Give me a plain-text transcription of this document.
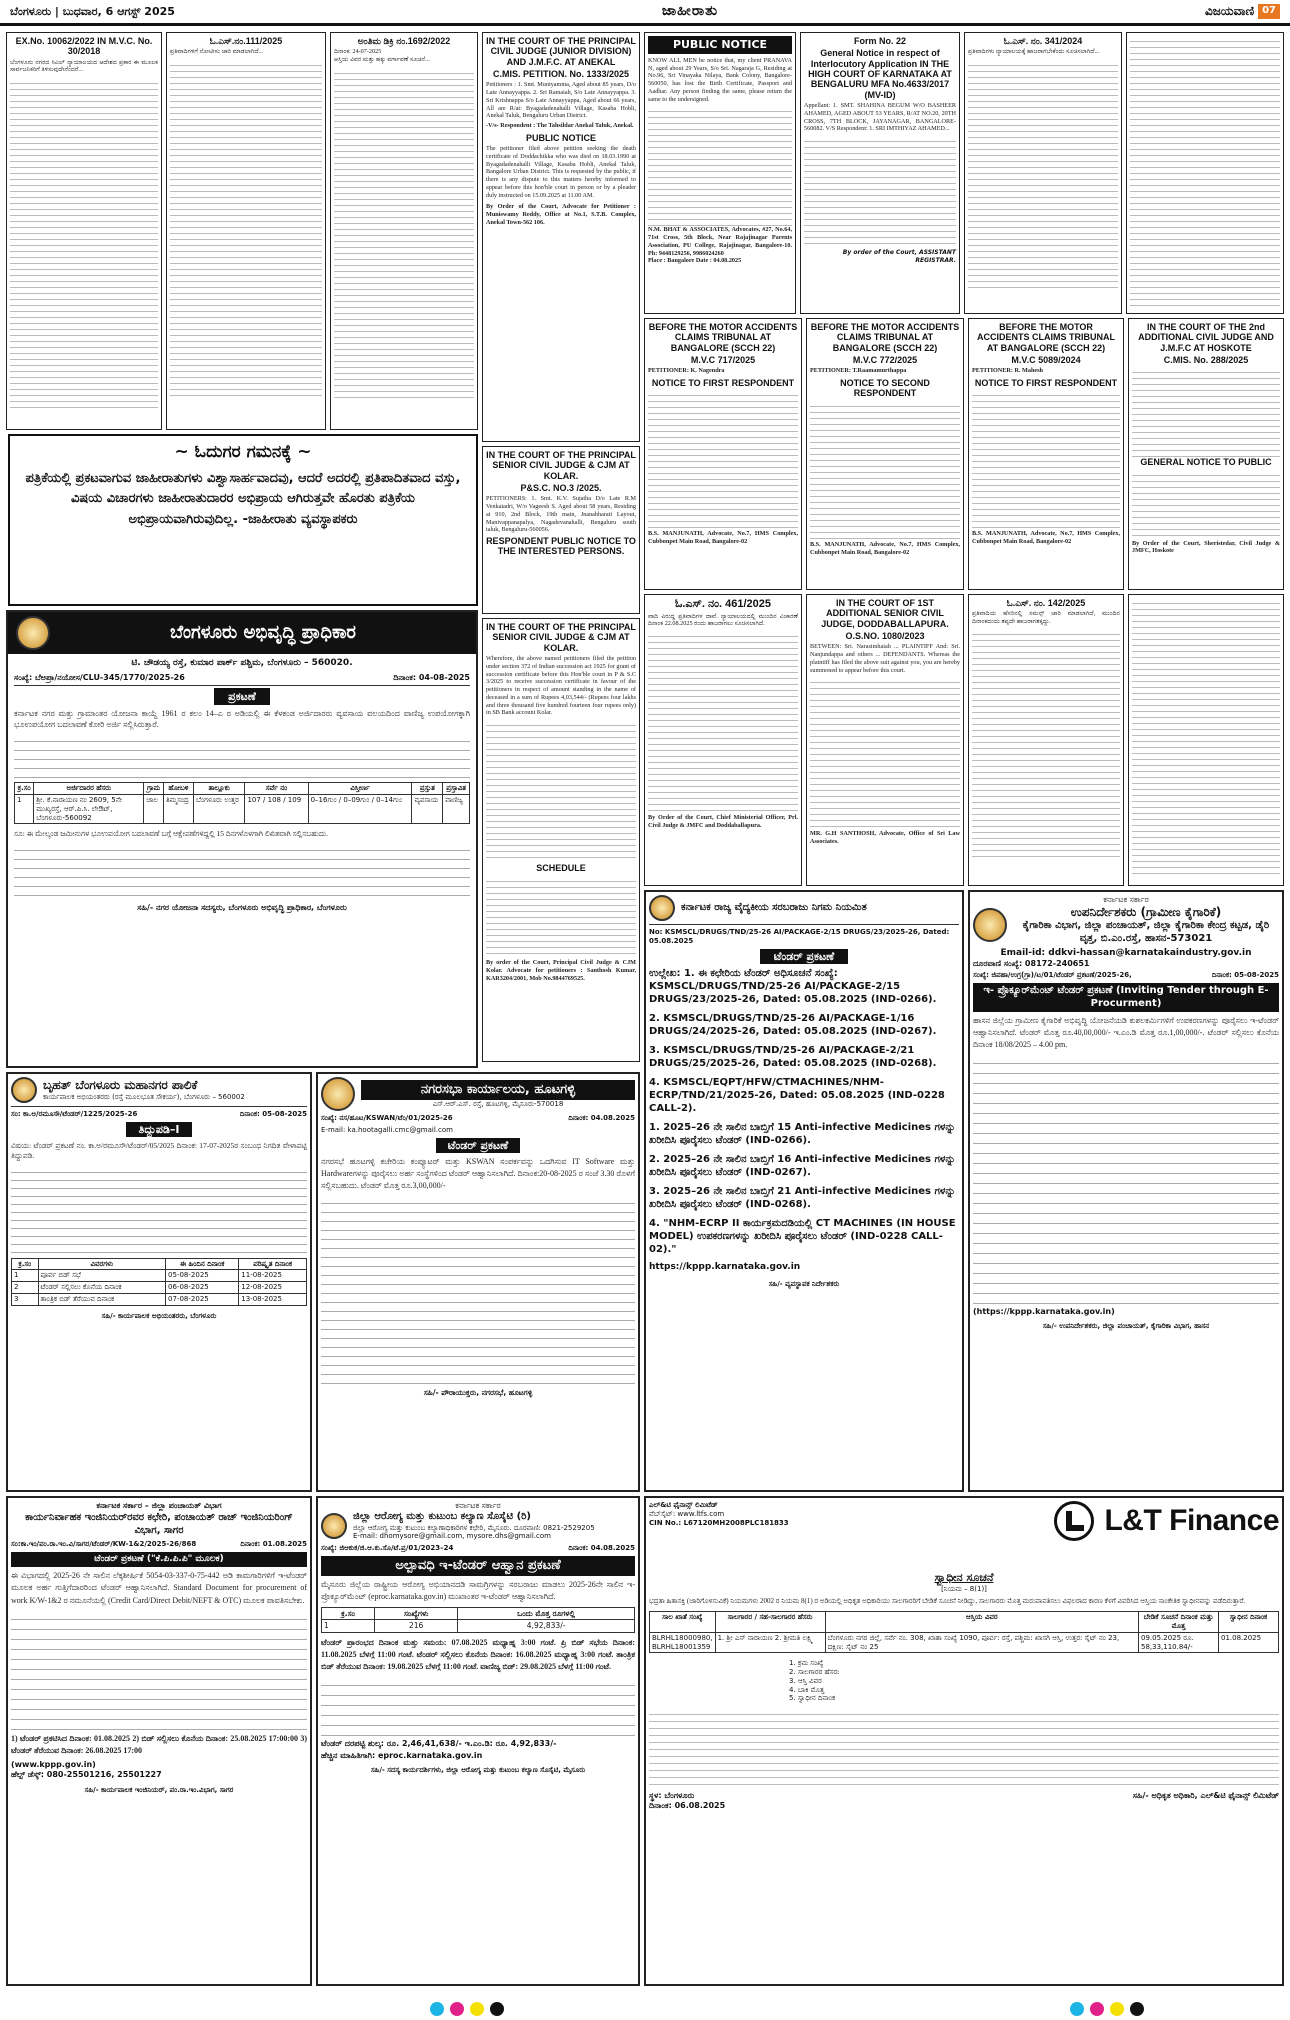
ಬೆಂಗಳೂರು | ಬುಧವಾರ, 6 ಆಗಸ್ಟ್ 2025	ಜಾಹೀರಾತು	ವಿಜಯವಾಣಿ 07
EX.No. 10062/2022 IN M.V.C. No. 30/2018
ಬೆಂಗಳೂರು ನಗರದ ಸಿವಿಲ್ ನ್ಯಾಯಾಲಯದ ಆದೇಶದ ಪ್ರಕಾರ ಈ ಮೂಲಕ ಸಾರ್ವಜನಿಕರಿಗೆ ತಿಳಿಸುವುದೇನೆಂದರೆ...
ಓ.ಎಸ್.ನಂ.111/2025
ಪ್ರತಿವಾದಿಗಳಿಗೆ ನೋಟೀಸು ಜಾರಿ ಮಾಡಲಾಗಿದೆ...
ಅಂತಿಮ ಡಿಕ್ರಿ ನಂ.1692/2022
ದಿನಾಂಕ: 24-07-2025
ಆಸ್ತಿಯ ವಿವರ ಮತ್ತು ಹಕ್ಕು ವರ್ಗಾವಣೆ ಸೂಚನೆ...
IN THE COURT OF THE PRINCIPAL CIVIL JUDGE (JUNIOR DIVISION) AND J.M.F.C. AT ANEKAL
C.MIS. PETITION. No. 1333/2025
Petitioners : 1. Smt. Muniyamma, Aged about 85 years, D/o Late Annayyappa. 2. Sri Ramaiah, S/o Late Annayyappa. 3. Sri Krishnappa S/o Late Annayyappa, Aged about 66 years, All are R/at: Byagadadenahalli Village, Kasaba Hobli, Anekal Taluk, Bengaluru Urban District.
-V/s- Respondent : The Tahsildar Anekal Taluk, Anekal.
PUBLIC NOTICE
The petitioner filed above petition seeking the death certificate of Doddachikka who was died on 18.03.1990 at Byagadadenahalli Village, Kasaba Hobli, Anekal Taluk, Bangalore Urban District. This is requested by the public, if there is any dispute to this matters hereby informed to appear before this hon'ble court in person or by a pleader duly instructed on 15.09.2025 at 11.00 AM.
By Order of the Court, Advocate for Petitioner : Muniswamy Reddy, Office at No.1, S.T.B. Complex, Anekal Town-562 106.
PUBLIC NOTICE
KNOW ALL MEN be notice that, my client PRANAVA N, aged about 29 Years, S/o Sri. Nagaraja G, Residing at No.96, Sri Vinayaka Nilaya, Bank Colony, Bangalore-560050, has lost the Birth Certificate, Passport and Aadhar. Any person finding the same, please return the same to the undersigned.
N.M. BHAT & ASSOCIATES, Advocates, #27, No.64, 71st Cross, 5th Block, Near Rajajinagar Parents Association, PU College, Rajajinagar, Bangalore-10. Ph: 9448129256, 9986024260
Place : Bangalore Date : 04.08.2025
Form No. 22
General Notice in respect of Interlocutory Application IN THE HIGH COURT OF KARNATAKA AT BENGALURU MFA No.4633/2017 (MV-ID)
Appellant: 1. SMT. SHAHINA BEGUM W/O BASHEER AHAMED, AGED ABOUT 53 YEARS, R/AT NO.20, 20TH CROSS, 7TH BLOCK, JAYANAGAR, BANGALORE-560082. V/S Respondent: 1. SRI IMTHIYAZ AHAMED...
By order of the Court, ASSISTANT REGISTRAR.
ಓ.ಎಸ್. ನಂ. 341/2024
ಪ್ರತಿವಾದಿಗಳು ನ್ಯಾಯಾಲಯಕ್ಕೆ ಹಾಜರಾಗಬೇಕೆಂದು ಸೂಚಿಸಲಾಗಿದೆ...
BEFORE THE MOTOR ACCIDENTS CLAIMS TRIBUNAL AT BANGALORE (SCCH 22)
M.V.C 717/2025
PETITIONER: K. Nagendra
NOTICE TO FIRST RESPONDENT
B.S. MANJUNATH, Advocate, No.7, HMS Complex, Cubbonpet Main Road, Bangalore-02
BEFORE THE MOTOR ACCIDENTS CLAIMS TRIBUNAL AT BANGALORE (SCCH 22)
M.V.C 772/2025
PETITIONER: T.Raamamurthappa
NOTICE TO SECOND RESPONDENT
B.S. MANJUNATH, Advocate, No.7, HMS Complex, Cubbonpet Main Road, Bangalore-02
BEFORE THE MOTOR ACCIDENTS CLAIMS TRIBUNAL AT BANGALORE (SCCH 22)
M.V.C 5089/2024
PETITIONER: R. Mahesh
NOTICE TO FIRST RESPONDENT
B.S. MANJUNATH, Advocate, No.7, HMS Complex, Cubbonpet Main Road, Bangalore-02
IN THE COURT OF THE 2nd ADDITIONAL CIVIL JUDGE AND J.M.F.C AT HOSKOTE
C.MIS. No. 288/2025
GENERAL NOTICE TO PUBLIC
By Order of the Court, Sheristedar, Civil Judge & JMFC, Hoskote
~ ಓದುಗರ ಗಮನಕ್ಕೆ ~
ಪತ್ರಿಕೆಯಲ್ಲಿ ಪ್ರಕಟವಾಗುವ ಜಾಹೀರಾತುಗಳು ವಿಶ್ವಾಸಾರ್ಹವಾದವು, ಆದರೆ ಅದರಲ್ಲಿ ಪ್ರತಿಪಾದಿತವಾದ ವಸ್ತು, ವಿಷಯ ವಿಚಾರಗಳು ಜಾಹೀರಾತುದಾರರ ಅಭಿಪ್ರಾಯ ಆಗಿರುತ್ತವೇ ಹೊರತು ಪತ್ರಿಕೆಯ ಅಭಿಪ್ರಾಯವಾಗಿರುವುದಿಲ್ಲ. -ಜಾಹೀರಾತು ವ್ಯವಸ್ಥಾಪಕರು
IN THE COURT OF THE PRINCIPAL SENIOR CIVIL JUDGE & CJM AT KOLAR.
P&S.C. NO.3 /2025.
PETITIONERS: 1. Smt. K.V. Sujatha D/o Late R.M Venkatadri, W/o Vageesh S. Aged about 58 years, Residing at 910, 2nd Block, 19th main, Jnanabharati Layout, Manivappanapalya, Nagadevanahalli, Bengaluru south taluk, Bengaluru-560056.
RESPONDENT PUBLIC NOTICE TO THE INTERESTED PERSONS.
ಬೆಂಗಳೂರು ಅಭಿವೃದ್ಧಿ ಪ್ರಾಧಿಕಾರ
ಟಿ. ಚೌಡಯ್ಯ ರಸ್ತೆ, ಕುಮಾರ ಪಾರ್ಕ್ ಪಶ್ಚಿಮ, ಬೆಂಗಳೂರು – 560020.
ಸಂಖ್ಯೆ: ಬೆಅಪ್ರಾ/ನಯೋಸ/CLU-345/1770/2025-26	ದಿನಾಂಕ: 04-08-2025
ಪ್ರಕಟಣೆ
ಕರ್ನಾಟಕ ನಗರ ಮತ್ತು ಗ್ರಾಮಾಂತರ ಯೋಜನಾ ಕಾಯ್ದೆ 1961 ರ ಕಲಂ 14–ಎ ರ ಅಡಿಯಲ್ಲಿ ಈ ಕೆಳಕಂಡ ಅರ್ಜಿದಾರರು ವ್ಯವಸಾಯ ವಲಯದಿಂದ ವಾಣಿಜ್ಯ ಉಪಯೋಗಕ್ಕಾಗಿ ಭೂಉಪಯೋಗ ಬದಲಾವಣೆ ಕೋರಿ ಅರ್ಜಿ ಸಲ್ಲಿಸಿರುತ್ತಾರೆ.
ಕ್ರ.ಸಂ	ಅರ್ಜಿದಾರರ ಹೆಸರು	ಗ್ರಾಮ	ಹೋಬಳಿ	ತಾಲ್ಲೂಕು	ಸರ್ವೆ ನಂ	ವಿಸ್ತೀರ್ಣ	ಪ್ರಸ್ತುತ	ಪ್ರಸ್ತಾವಿತ
1	ಶ್ರೀ. ಕೆ.ನಾರಾಯಣ ನಂ 2609, 5ನೇ ಮುಖ್ಯರಸ್ತೆ, ಆರ್.ಪಿ.ಸಿ. ಲೇಔಟ್, ಬೆಂಗಳೂರು-560092	ಜಾಲ	ತಿಮ್ಮಸಂದ್ರ	ಬೆಂಗಳೂರು ಉತ್ತರ	107 / 108 / 109	0–16ಗುಂ / 0–09ಗುಂ / 0–14ಗುಂ	ವ್ಯವಸಾಯ	ವಾಣಿಜ್ಯ
ಸೂ: ಈ ಮೇಲ್ಕಂಡ ಜಮೀನುಗಳ ಭೂಉಪಯೋಗ ಬದಲಾವಣೆ ಬಗ್ಗೆ ಆಕ್ಷೇಪಣೆಗಳಿದ್ದಲ್ಲಿ 15 ದಿನಗಳೊಳಗಾಗಿ ಲಿಖಿತವಾಗಿ ಸಲ್ಲಿಸಬಹುದು.
ಸಹಿ/- ನಗರ ಯೋಜನಾ ಸದಸ್ಯರು, ಬೆಂಗಳೂರು ಅಭಿವೃದ್ಧಿ ಪ್ರಾಧಿಕಾರ, ಬೆಂಗಳೂರು
IN THE COURT OF THE PRINCIPAL SENIOR CIVIL JUDGE & CJM AT KOLAR.
Wherefore, the above named petitioners filed the petition under section 372 of Indian succession act 1925 for grant of succession certificate before this Hon'ble court in P & S.C 3/2025 to receive succession certificate in favour of the petitioners in respect of amount standing in the name of deceased in a sum of Rupees 4,03,544/- (Rupees four lakhs and three thousand five hundred fourteen four rupees only) in SB Bank account Kolar.
SCHEDULE
By order of the Court, Principal Civil Judge & CJM Kolar. Advocate for petitioners : Santhosh Kumar, KAR3204/2001, Mob No.9844769525.
ಓ.ಎಸ್. ನಂ. 461/2025
ವಾದಿ ವಿರುದ್ಧ ಪ್ರತಿವಾದಿಗಳ ದಾವೆ. ನ್ಯಾಯಾಲಯದಲ್ಲಿ ಮುಂದಿನ ವಿಚಾರಣೆ ದಿನಾಂಕ 22.08.2025 ರಂದು ಹಾಜರಾಗಲು ಸೂಚಿಸಲಾಗಿದೆ.
By Order of the Court, Chief Ministerial Officer, Prl. Civil Judge & JMFC and Doddaballapura.
IN THE COURT OF 1ST ADDITIONAL SENIOR CIVIL JUDGE, DODDABALLAPURA.
O.S.NO. 1080/2023
BETWEEN: Sri. Narasimhaiah ... PLAINTIFF And: Sri. Nanjundappa and others ... DEFENDANTS. Whereas the plaintiff has filed the above suit against you, you are hereby summoned to appear before this court.
MR. G.H SANTHOSH, Advocate, Office of Sri Law Associates.
ಓ.ಎಸ್. ನಂ. 142/2025
ಪ್ರತಿವಾದಿಯ ಹೆಸರಿನಲ್ಲಿ ಸಮನ್ಸ್ ಜಾರಿ ಮಾಡಲಾಗಿದೆ, ಮುಂದಿನ ದಿನಾಂಕದಂದು ತಪ್ಪದೇ ಹಾಜರಾಗತಕ್ಕದ್ದು.
ಬೃಹತ್ ಬೆಂಗಳೂರು ಮಹಾನಗರ ಪಾಲಿಕೆ
ಕಾರ್ಯಪಾಲಕ ಅಭಿಯಂತರರು (ರಸ್ತೆ ಮೂಲಭೂತ ಸೌಕರ್ಯ), ಬೆಂಗಳೂರು – 560002
ಸಂ: ಕಾ.ಅ/ರಮೂಸೌ/ಟೆಂಡರ್/1225/2025-26	ದಿನಾಂಕ: 05-08-2025
ತಿದ್ದುಪಡಿ–I
ವಿಷಯ: ಟೆಂಡರ್ ಪ್ರಕಟಣೆ ನಂ. ಕಾ.ಅ/ರಮೂಸೌ/ಟೆಂಡರ್/05/2025 ದಿನಾಂಕ: 17-07-2025ರ ಸಂಬಂಧ ನಿಗದಿತ ವೇಳಾಪಟ್ಟಿ ತಿದ್ದುಪಡಿ.
ಕ್ರ.ಸಂ	ವಿವರಗಳು	ಈ ಹಿಂದಿನ ದಿನಾಂಕ	ಪರಿಷ್ಕೃತ ದಿನಾಂಕ
1	ಪೂರ್ವ ಬಿಡ್ ಸಭೆ	05-08-2025	11-08-2025
2	ಟೆಂಡರ್ ಸಲ್ಲಿಸಲು ಕೊನೆಯ ದಿನಾಂಕ	06-08-2025	12-08-2025
3	ತಾಂತ್ರಿಕ ಬಿಡ್ ತೆರೆಯುವ ದಿನಾಂಕ	07-08-2025	13-08-2025
ಸಹಿ/- ಕಾರ್ಯಪಾಲಕ ಅಭಿಯಂತರರು, ಬೆಂಗಳೂರು
ನಗರಸಭಾ ಕಾರ್ಯಾಲಯ, ಹೂಟಗಳ್ಳಿ
ಎಸ್.ಆರ್.ಎಸ್. ರಸ್ತೆ, ಹೂಟಗಳ್ಳಿ, ಮೈಸೂರು-570018
ಸಂಖ್ಯೆ: ನಸ/ಹೂಟ/KSWAN/ಟೆಂ/01/2025-26	ದಿನಾಂಕ: 04.08.2025
E-mail: ka.hootagalli.cmc@gmail.com
ಟೆಂಡರ್ ಪ್ರಕಟಣೆ
ನಗರಸಭೆ ಹೂಟಗಳ್ಳಿ ಕಚೇರಿಯ ಕಂಪ್ಯೂಟರ್ ಮತ್ತು KSWAN ಸಂಪರ್ಕವನ್ನು ಒದಗಿಸುವ IT Software ಮತ್ತು Hardwareಗಳನ್ನು ಪೂರೈಸಲು ಅರ್ಹ ಸಂಸ್ಥೆಗಳಿಂದ ಟೆಂಡರ್ ಆಹ್ವಾನಿಸಲಾಗಿದೆ. ದಿನಾಂಕ:20-08-2025 ರ ಸಂಜೆ 3.30 ರೊಳಗೆ ಸಲ್ಲಿಸಬಹುದು. ಟೆಂಡರ್ ಮೊತ್ತ ರೂ.3,00,000/-
ಸಹಿ/- ಪೌರಾಯುಕ್ತರು, ನಗರಸಭೆ, ಹೂಟಗಳ್ಳಿ
ಕರ್ನಾಟಕ ರಾಜ್ಯ ವೈದ್ಯಕೀಯ ಸರಬರಾಜು ನಿಗಮ ನಿಯಮಿತ
No: KSMSCL/DRUGS/TND/25-26 AI/PACKAGE-2/15 DRUGS/23/2025-26, Dated: 05.08.2025
ಟೆಂಡರ್ ಪ್ರಕಟಣೆ

ಉಲ್ಲೇಖ: 1. ಈ ಕಛೇರಿಯ ಟೆಂಡರ್ ಅಧಿಸೂಚನೆ ಸಂಖ್ಯೆ: KSMSCL/DRUGS/TND/25-26 AI/PACKAGE-2/15 DRUGS/23/2025-26, Dated: 05.08.2025 (IND-0266).

2. KSMSCL/DRUGS/TND/25-26 AI/PACKAGE-1/16 DRUGS/24/2025-26, Dated: 05.08.2025 (IND-0267).

3. KSMSCL/DRUGS/TND/25-26 AI/PACKAGE-2/21 DRUGS/25/2025-26, Dated: 05.08.2025 (IND-0268).

4. KSMSCL/EQPT/HFW/CTMACHINES/NHM-ECRP/TND/21/2025-26, Dated: 05.08.2025 (IND-0228 CALL-2).

1. 2025–26 ನೇ ಸಾಲಿನ ಬಾಬ್ತಿಗೆ 15 Anti-infective Medicines ಗಳನ್ನು ಖರೀದಿಸಿ ಪೂರೈಸಲು ಟೆಂಡರ್ (IND-0266).

2. 2025–26 ನೇ ಸಾಲಿನ ಬಾಬ್ತಿಗೆ 16 Anti-infective Medicines ಗಳನ್ನು ಖರೀದಿಸಿ ಪೂರೈಸಲು ಟೆಂಡರ್ (IND-0267).

3. 2025–26 ನೇ ಸಾಲಿನ ಬಾಬ್ತಿಗೆ 21 Anti-infective Medicines ಗಳನ್ನು ಖರೀದಿಸಿ ಪೂರೈಸಲು ಟೆಂಡರ್ (IND-0268).

4. "NHM-ECRP II ಕಾರ್ಯಕ್ರಮದಡಿಯಲ್ಲಿ CT MACHINES (IN HOUSE MODEL) ಉಪಕರಣಗಳನ್ನು ಖರೀದಿಸಿ ಪೂರೈಸಲು ಟೆಂಡರ್ (IND-0228 CALL-02)."

https://kppp.karnataka.gov.in
ಸಹಿ/- ವ್ಯವಸ್ಥಾಪಕ ನಿರ್ದೇಶಕರು
ಕರ್ನಾಟಕ ಸರ್ಕಾರ
ಉಪನಿರ್ದೇಶಕರು (ಗ್ರಾಮೀಣ ಕೈಗಾರಿಕೆ)
ಕೈಗಾರಿಕಾ ವಿಭಾಗ, ಜಿಲ್ಲಾ ಪಂಚಾಯತ್, ಜಿಲ್ಲಾ ಕೈಗಾರಿಕಾ ಕೇಂದ್ರ ಕಟ್ಟಡ, ಡೈರಿ ವೃತ್ತ, ಬಿ.ಎಂ.ರಸ್ತೆ, ಹಾಸನ-573021
Email-id: ddkvi-hassan@karnatakaindustry.gov.in
ದೂರವಾಣಿ ಸಂಖ್ಯೆ: 08172-240651
ಸಂಖ್ಯೆ: ಜಿಪಹಾ/ಉಗ್ರ(ಗ್ರಾ)/ಟ/01/ಟೆಂಡರ್ ಪ್ರಕಟಣೆ/2025-26,	ದಿನಾಂಕ: 05-08-2025
ಇ- ಪ್ರೊಕ್ಯೂರ್‌ಮೆಂಟ್ ಟೆಂಡರ್ ಪ್ರಕಟಣೆ (Inviting Tender through E-Procurment)
ಹಾಸನ ಜಿಲ್ಲೆಯ ಗ್ರಾಮೀಣ ಕೈಗಾರಿಕೆ ಅಭಿವೃದ್ಧಿ ಯೋಜನೆಯಡಿ ಕುಶಲಕರ್ಮಿಗಳಿಗೆ ಉಪಕರಣಗಳನ್ನು ಪೂರೈಸಲು ಇ-ಟೆಂಡರ್ ಆಹ್ವಾನಿಸಲಾಗಿದೆ. ಟೆಂಡರ್ ಮೊತ್ತ ರೂ.40,00,000/- ಇ.ಎಂ.ಡಿ ಮೊತ್ತ ರೂ.1,00,000/-. ಟೆಂಡರ್ ಸಲ್ಲಿಸಲು ಕೊನೆಯ ದಿನಾಂಕ 18/08/2025 – 4.00 pm.
(https://kppp.karnataka.gov.in)
ಸಹಿ/- ಉಪನಿರ್ದೇಶಕರು, ಜಿಲ್ಲಾ ಪಂಚಾಯತ್, ಕೈಗಾರಿಕಾ ವಿಭಾಗ, ಹಾಸನ
ಕರ್ನಾಟಕ ಸರ್ಕಾರ – ಜಿಲ್ಲಾ ಪಂಚಾಯತ್ ವಿಭಾಗ
ಕಾರ್ಯನಿರ್ವಾಹಕ ಇಂಜಿನಿಯರ್‌ರವರ ಕಛೇರಿ, ಪಂಚಾಯತ್ ರಾಜ್ ಇಂಜಿನಿಯರಿಂಗ್ ವಿಭಾಗ, ಸಾಗರ
ಸಂ:ಕಾ.ಇಂ/ಪಂ.ರಾ.ಇಂ.ವಿ/ಸಾಗರ/ಟೆಂಡರ್/KW-1&2/2025-26/868	ದಿನಾಂಕ: 01.08.2025
ಟೆಂಡರ್ ಪ್ರಕಟಣೆ ("ಕೆ.ಪಿ.ಪಿ.ಪಿ" ಮೂಲಕ)
ಈ ವಿಭಾಗದಲ್ಲಿ 2025-26 ನೇ ಸಾಲಿನ ಲೆಕ್ಕಶೀರ್ಷಿಕೆ 5054-03-337-0-75-442 ಅಡಿ ಕಾಮಗಾರಿಗಳಿಗೆ ಇ-ಟೆಂಡರ್ ಮೂಲಕ ಅರ್ಹ ಗುತ್ತಿಗೆದಾರರಿಂದ ಟೆಂಡರ್ ಆಹ್ವಾನಿಸಲಾಗಿದೆ. Standard Document for procurement of work K/W-1&2 ರ ನಮೂನೆಯಲ್ಲಿ (Credit Card/Direct Debit/NEFT & OTC) ಮೂಲಕ ಪಾವತಿಸಬೇಕು.
1) ಟೆಂಡರ್ ಪ್ರಕಟಿಸಿದ ದಿನಾಂಕ: 01.08.2025 2) ಬಿಡ್ ಸಲ್ಲಿಸಲು ಕೊನೆಯ ದಿನಾಂಕ: 25.08.2025 17:00:00 3) ಟೆಂಡರ್ ತೆರೆಯುವ ದಿನಾಂಕ: 26.08.2025 17:00
(www.kppp.gov.in)
ಹೆಲ್ಪ್ ಡೆಸ್ಕ್: 080-25501216, 25501227
ಸಹಿ/- ಕಾರ್ಯಪಾಲಕ ಇಂಜಿನಿಯರ್, ಪಂ.ರಾ.ಇಂ.ವಿಭಾಗ, ಸಾಗರ
ಕರ್ನಾಟಕ ಸರ್ಕಾರ
ಜಿಲ್ಲಾ ಆರೋಗ್ಯ ಮತ್ತು ಕುಟುಂಬ ಕಲ್ಯಾಣ ಸೊಸೈಟಿ (ರಿ)
ಜಿಲ್ಲಾ ಆರೋಗ್ಯ ಮತ್ತು ಕುಟುಂಬ ಕಲ್ಯಾಣಾಧಿಕಾರಿಗಳ ಕಛೇರಿ, ಮೈಸೂರು. ದೂರವಾಣಿ: 0821-2529205
E-mail: dhomysore@gmail.com, mysore.dhs@gmail.com
ಸಂಖ್ಯೆ: ಜಿಆಕುಕ/ಜಿ.ಆ.ಕು.ಸೊ/ಟೆ.ಪ್ರ/01/2023–24	ದಿನಾಂಕ: 04.08.2025
ಅಲ್ಪಾವಧಿ ಇ-ಟೆಂಡರ್ ಆಹ್ವಾನ ಪ್ರಕಟಣೆ
ಮೈಸೂರು ಜಿಲ್ಲೆಯ ರಾಷ್ಟ್ರೀಯ ಆರೋಗ್ಯ ಅಭಿಯಾನದಡಿ ಸಾಮಗ್ರಿಗಳನ್ನು ಸರಬರಾಜು ಮಾಡಲು 2025-26ನೇ ಸಾಲಿನ ಇ-ಪ್ರೊಕ್ಯೂರ್‌ಮೆಂಟ್ (eproc.karnataka.gov.in) ಮುಖಾಂತರ ಇ-ಟೆಂಡರ್ ಆಹ್ವಾನಿಸಲಾಗಿದೆ.
ಕ್ರ.ಸಂ	ಸಂಖ್ಯೆಗಳು	ಒಂದು ಮೊತ್ತ ರೂಗಳಲ್ಲಿ
1	216	4,92,833/-
ಟೆಂಡರ್ ಪ್ರಾರಂಭದ ದಿನಾಂಕ ಮತ್ತು ಸಮಯ: 07.08.2025 ಮಧ್ಯಾಹ್ನ 3:00 ಗಂಟೆ. ಪ್ರಿ ಬಿಡ್ ಸಭೆಯ ದಿನಾಂಕ: 11.08.2025 ಬೆಳಗ್ಗೆ 11:00 ಗಂಟೆ. ಟೆಂಡರ್ ಸಲ್ಲಿಸಲು ಕೊನೆಯ ದಿನಾಂಕ: 16.08.2025 ಮಧ್ಯಾಹ್ನ 3:00 ಗಂಟೆ. ತಾಂತ್ರಿಕ ಬಿಡ್ ತೆರೆಯುವ ದಿನಾಂಕ: 19.08.2025 ಬೆಳಗ್ಗೆ 11:00 ಗಂಟೆ. ವಾಣಿಜ್ಯ ಬಿಡ್: 29.08.2025 ಬೆಳಗ್ಗೆ 11:00 ಗಂಟೆ.
ಟೆಂಡರ್ ದರಪಟ್ಟಿ ಶುಲ್ಕ: ರೂ. 2,46,41,638/- ಇ.ಎಂ.ಡಿ: ರೂ. 4,92,833/-
ಹೆಚ್ಚಿನ ಮಾಹಿತಿಗಾಗಿ: eproc.karnataka.gov.in
ಸಹಿ/- ಸದಸ್ಯ ಕಾರ್ಯದರ್ಶಿಗಳು, ಜಿಲ್ಲಾ ಆರೋಗ್ಯ ಮತ್ತು ಕುಟುಂಬ ಕಲ್ಯಾಣ ಸೊಸೈಟಿ, ಮೈಸೂರು
ಎಲ್&ಟಿ ಫೈನಾನ್ಸ್ ಲಿಮಿಟೆಡ್
ವೆಬ್‌ಸೈಟ್: www.ltfs.com
CIN No.: L67120MH2008PLC181833	L&T Finance
ಸ್ವಾಧೀನ ಸೂಚನೆ
[ನಿಯಮ – 8(1)]
ಭದ್ರತಾ ಹಿತಾಸಕ್ತಿ (ಜಾರಿಗೊಳಿಸುವಿಕೆ) ನಿಯಮಗಳು 2002 ರ ನಿಯಮ 8(1) ರ ಅಡಿಯಲ್ಲಿ ಅಧಿಕೃತ ಅಧಿಕಾರಿಯು ಸಾಲಗಾರರಿಗೆ ಬೇಡಿಕೆ ಸೂಚನೆ ನೀಡಿದ್ದು, ಸಾಲಗಾರರು ಮೊತ್ತ ಮರುಪಾವತಿಸಲು ವಿಫಲರಾದ ಕಾರಣ ಕೆಳಗೆ ವಿವರಿಸಿದ ಆಸ್ತಿಯ ಸಾಂಕೇತಿಕ ಸ್ವಾಧೀನವನ್ನು ಪಡೆದಿರುತ್ತಾರೆ.
ಸಾಲ ಖಾತೆ ಸಂಖ್ಯೆ	ಸಾಲಗಾರರ / ಸಹ-ಸಾಲಗಾರರ ಹೆಸರು	ಆಸ್ತಿಯ ವಿವರ	ಬೇಡಿಕೆ ಸೂಚನೆ ದಿನಾಂಕ ಮತ್ತು ಮೊತ್ತ	ಸ್ವಾಧೀನ ದಿನಾಂಕ
BLRHL18000980, BLRHL18001359	1. ಶ್ರೀ ಎಸ್ ನಾರಾಯಣ 2. ಶ್ರೀಮತಿ ಲಕ್ಷ್ಮಿ	ಬೆಂಗಳೂರು ನಗರ ಜಿಲ್ಲೆ, ಸರ್ವೆ ನಂ. 308, ಖಾತಾ ಸಂಖ್ಯೆ 1090, ಪೂರ್ವ: ರಸ್ತೆ, ಪಶ್ಚಿಮ: ಖಾಸಗಿ ಆಸ್ತಿ, ಉತ್ತರ: ಸೈಟ್ ನಂ 23, ದಕ್ಷಿಣ: ಸೈಟ್ ನಂ 25	09.05.2025 ರೂ. 58,33,110.84/-	01.08.2025
1. ಕ್ರಮ ಸಂಖ್ಯೆ
2. ಸಾಲಗಾರರ ಹೆಸರು
3. ಆಸ್ತಿ ವಿವರ
4. ಬಾಕಿ ಮೊತ್ತ
5. ಸ್ವಾಧೀನ ದಿನಾಂಕ
ಸ್ಥಳ: ಬೆಂಗಳೂರು
ದಿನಾಂಕ: 06.08.2025
ಸಹಿ/- ಅಧಿಕೃತ ಅಧಿಕಾರಿ, ಎಲ್&ಟಿ ಫೈನಾನ್ಸ್ ಲಿಮಿಟೆಡ್
